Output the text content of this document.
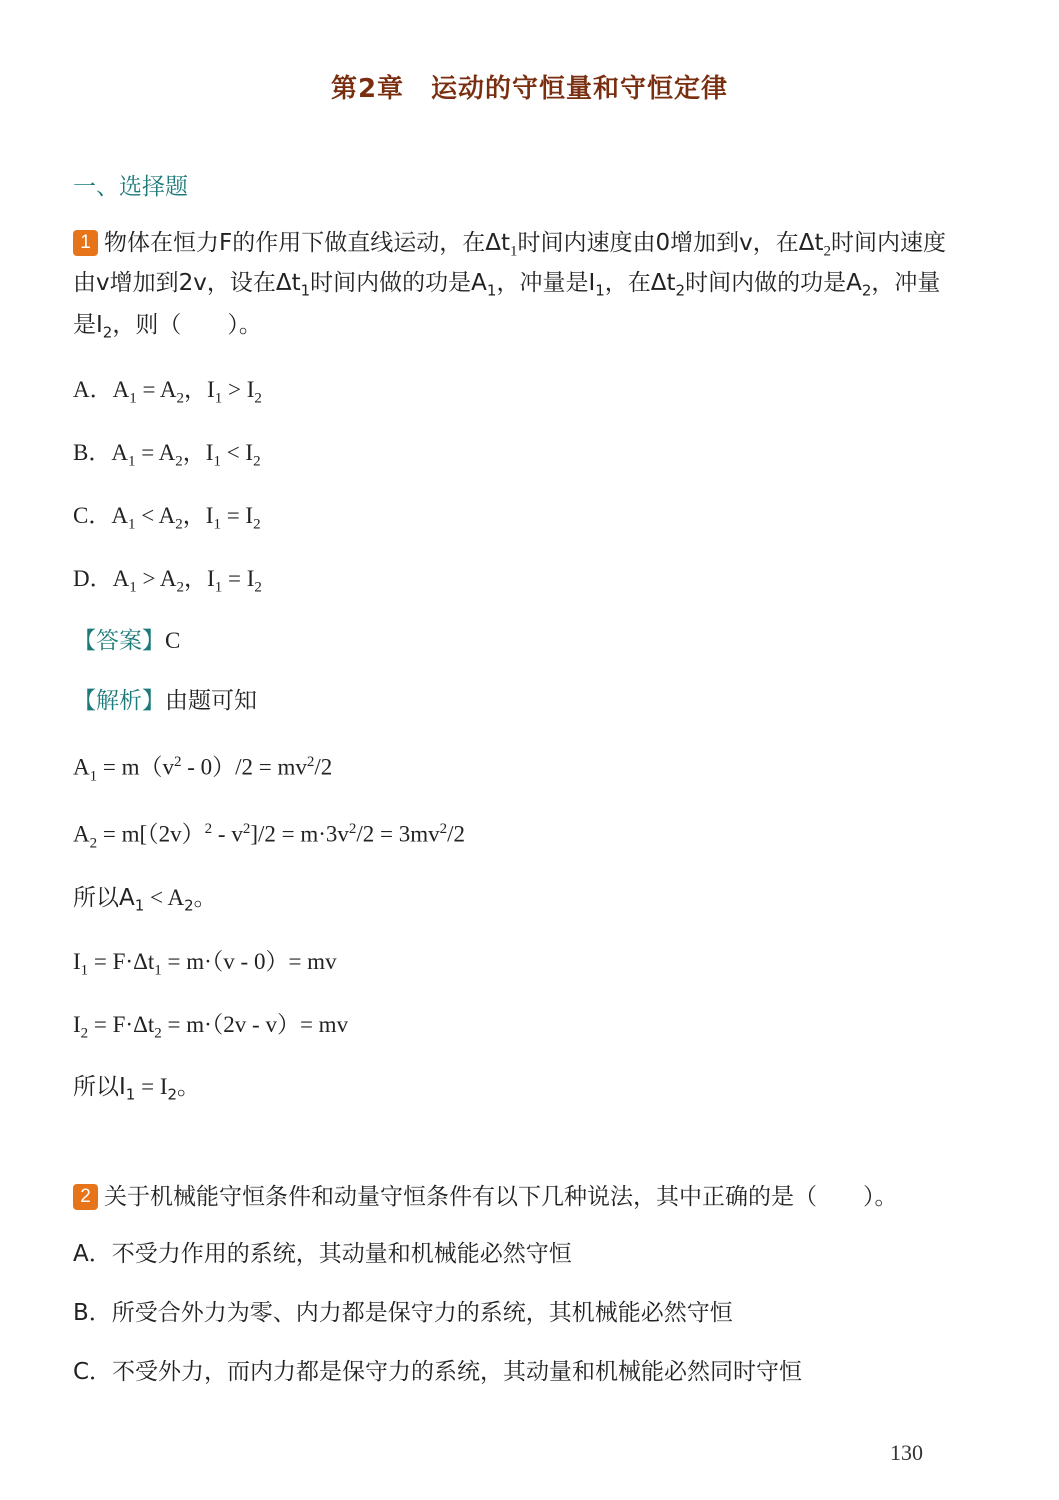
第2章　运动的守恒量和守恒定律
一、选择题
1 物体在恒力F的作用下做直线运动，在$\Delta t_1$时间内速度由0增加到v，在$\Delta t_2$时间内速度
由v增加到2v，设在$\Delta t_1$时间内做的功是$A_1$，冲量是$I_1$，在$\Delta t_2$时间内做的功是$A_2$，冲量
是$I_2$，则（　　）。
A．$A_1 = A_2$，$I_1 > I_2$
B．$A_1 = A_2$，$I_1 < I_2$
C．$A_1 < A_2$，$I_1 = I_2$
D．$A_1 > A_2$，$I_1 = I_2$
【答案】C
【解析】由题可知
$A_1 = m(v^2 - 0)/2 = mv^2/2$
$A_2 = m[(2v)^2 - v^2]/2 = m\cdot 3v^2/2 = 3mv^2/2$
所以$A_1 < A_2$。
$I_1 = F\cdot\Delta t_1 = m\cdot(v - 0)=$ mv
$I_2 = F\cdot\Delta t_2 = m\cdot(2v - v)=$ mv
所以$I_1 = I_2$。
2 关于机械能守恒条件和动量守恒条件有以下几种说法，其中正确的是（　　）。
A．不受力作用的系统，其动量和机械能必然守恒
B．所受合外力为零、内力都是保守力的系统，其机械能必然守恒
C．不受外力，而内力都是保守力的系统，其动量和机械能必然同时守恒
130
